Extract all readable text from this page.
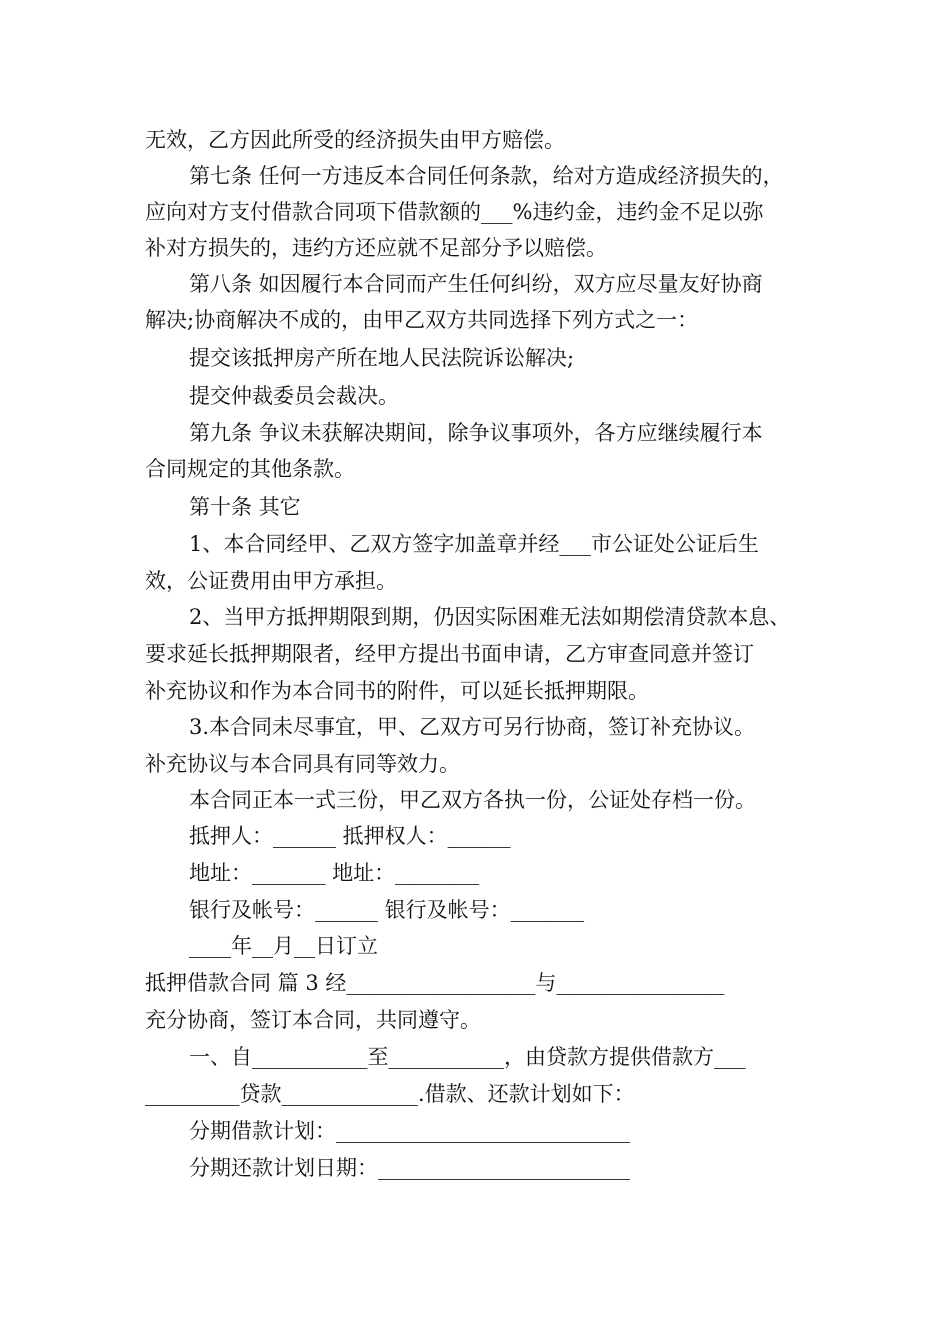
无效，乙方因此所受的经济损失由甲方赔偿。
第七条 任何一方违反本合同任何条款，给对方造成经济损失的，
应向对方支付借款合同项下借款额的___%违约金，违约金不足以弥
补对方损失的，违约方还应就不足部分予以赔偿。
第八条 如因履行本合同而产生任何纠纷，双方应尽量友好协商
解决;协商解决不成的，由甲乙双方共同选择下列方式之一：
提交该抵押房产所在地人民法院诉讼解决;
提交仲裁委员会裁决。
第九条 争议未获解决期间，除争议事项外，各方应继续履行本
合同规定的其他条款。
第十条 其它
1、本合同经甲、乙双方签字加盖章并经___市公证处公证后生
效，公证费用由甲方承担。
2、当甲方抵押期限到期，仍因实际困难无法如期偿清贷款本息、
要求延长抵押期限者，经甲方提出书面申请，乙方审查同意并签订
补充协议和作为本合同书的附件，可以延长抵押期限。
3.本合同未尽事宜，甲、乙双方可另行协商，签订补充协议。
补充协议与本合同具有同等效力。
本合同正本一式三份，甲乙双方各执一份，公证处存档一份。
抵押人：______ 抵押权人：______
地址：_______ 地址：________
银行及帐号：______ 银行及帐号：_______
____年__月__日订立
抵押借款合同 篇 3 经__________________与________________
充分协商，签订本合同，共同遵守。
一、自___________至___________，由贷款方提供借款方___
_________贷款_____________.借款、还款计划如下：
分期借款计划：____________________________
分期还款计划日期：________________________
